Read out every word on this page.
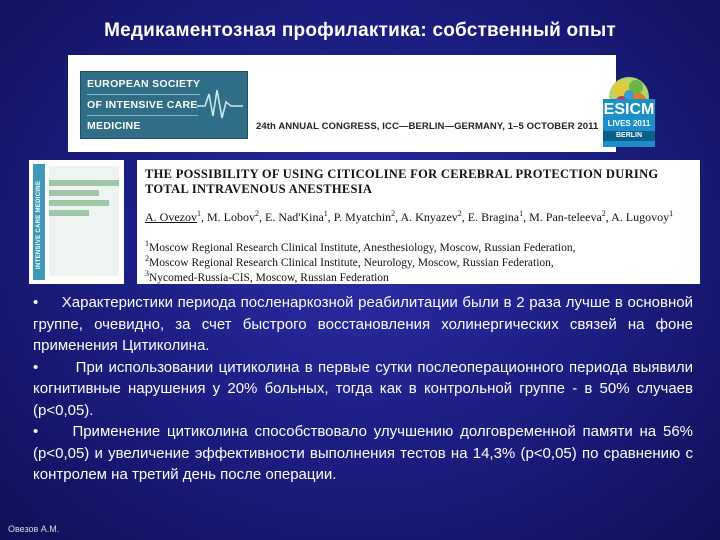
Медикаментозная профилактика: собственный опыт
EUROPEAN SOCIETY
OF INTENSIVE CARE
MEDICINE	24th ANNUAL CONGRESS, ICC—BERLIN—GERMANY, 1–5 OCTOBER 2011
ESICM
LIVES 2011
BERLIN
INTENSIVE CARE MEDICINE
THE POSSIBILITY OF USING CITICOLINE FOR CEREBRAL PROTECTION DURING TOTAL INTRAVENOUS ANESTHESIA
A. Ovezov$^1$, M. Lobov$^2$, E. Nad'Kina$^1$, P. Myatchin$^2$, A. Knyazev$^2$, E. Bragina$^1$, M. Pan-teleeva$^2$, A. Lugovoy$^1$
$^1$Moscow Regional Research Clinical Institute, Anesthesiology, Moscow, Russian Federation,
$^2$Moscow Regional Research Clinical Institute, Neurology, Moscow, Russian Federation,
$^3$Nycomed-Russia-CIS, Moscow, Russian Federation

• Характеристики периода посленаркозной реабилитации были в 2 раза лучше в основной группе, очевидно, за счет быстрого восстановления холинергических связей на фоне применения Цитиколина.

• При использовании цитиколина в первые сутки послеоперационного периода выявили когнитивные нарушения у 20% больных, тогда как в контрольной группе - в 50% случаев (p<0,05).

• Применение цитиколина способствовало улучшению долговременной памяти на 56% (p<0,05) и увеличение эффективности выполнения тестов на 14,3% (p<0,05) по сравнению с контролем на третий день после операции.

Овезов А.М.
